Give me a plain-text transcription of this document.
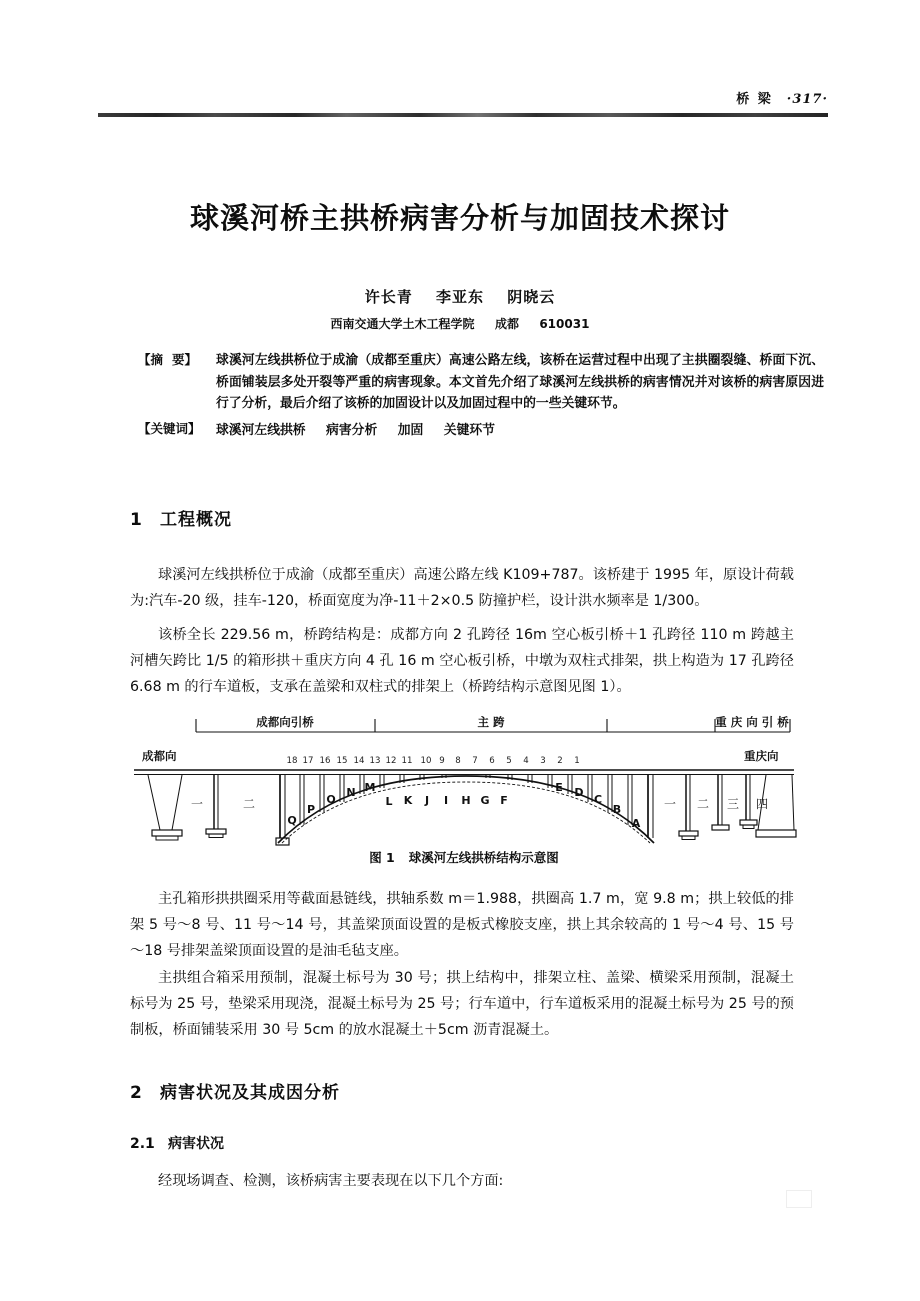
桥 梁 ·317·
球溪河桥主拱桥病害分析与加固技术探讨
许长青 李亚东 阴晓云
西南交通大学土木工程学院 成都 610031
【摘 要】	球溪河左线拱桥位于成渝（成都至重庆）高速公路左线，该桥在运营过程中出现了主拱圈裂缝、桥面下沉、桥面铺装层多处开裂等严重的病害现象。本文首先介绍了球溪河左线拱桥的病害情况并对该桥的病害原因进行了分析，最后介绍了该桥的加固设计以及加固过程中的一些关键环节。
【关键词】	球溪河左线拱桥 病害分析 加固 关键环节
1 工程概况

球溪河左线拱桥位于成渝（成都至重庆）高速公路左线 K109+787。该桥建于 1995 年，原设计荷载为:汽车-20 级，挂车-120，桥面宽度为净-11＋2×0.5 防撞护栏，设计洪水频率是 1/300。

该桥全长 229.56 m，桥跨结构是：成都方向 2 孔跨径 16m 空心板引桥＋1 孔跨径 110 m 跨越主河槽矢跨比 1/5 的箱形拱＋重庆方向 4 孔 16 m 空心板引桥，中墩为双柱式排架，拱上构造为 17 孔跨径 6.68 m 的行车道板，支承在盖梁和双柱式的排架上（桥跨结构示意图见图 1）。

成都向引桥	主 跨	重 庆 向 引 桥
成都向	重庆向
18 17 16 15 14 13 12 11 10 9 8 7 6 5 4 3 2 1
Q
P
O
N M
L K J I H G F
E D
C
B
A
一	二	一 二 三 四
图 1 球溪河左线拱桥结构示意图

主孔箱形拱拱圈采用等截面悬链线，拱轴系数 m＝1.988，拱圈高 1.7 m，宽 9.8 m；拱上较低的排架 5 号～8 号、11 号～14 号，其盖梁顶面设置的是板式橡胶支座，拱上其余较高的 1 号～4 号、15 号～18 号排架盖梁顶面设置的是油毛毡支座。

主拱组合箱采用预制，混凝土标号为 30 号；拱上结构中，排架立柱、盖梁、横梁采用预制，混凝土标号为 25 号，垫梁采用现浇，混凝土标号为 25 号；行车道中，行车道板采用的混凝土标号为 25 号的预制板，桥面铺装采用 30 号 5cm 的放水混凝土＋5cm 沥青混凝土。

2 病害状况及其成因分析
2.1 病害状况

经现场调查、检测，该桥病害主要表现在以下几个方面:
